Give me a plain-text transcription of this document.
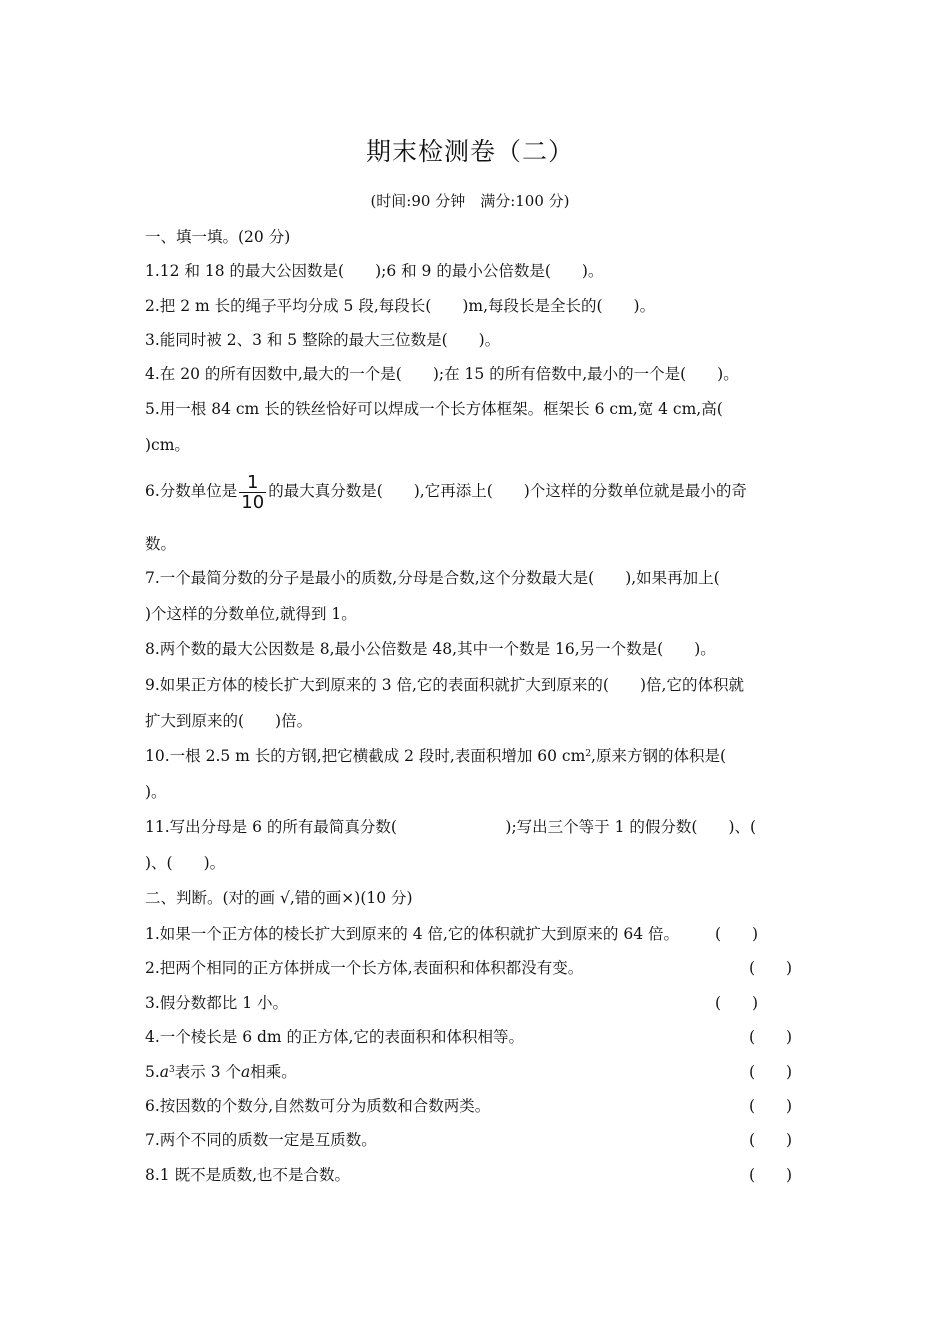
期末检测卷（二）
(时间:90 分钟　满分:100 分)
一、填一填。(20 分)
1.12 和 18 的最大公因数是(　　);6 和 9 的最小公倍数是(　　)。
2.把 2 m 长的绳子平均分成 5 段,每段长(　　)m,每段长是全长的(　　)。
3.能同时被 2、3 和 5 整除的最大三位数是(　　)。
4.在 20 的所有因数中,最大的一个是(　　);在 15 的所有倍数中,最小的一个是(　　)。
5.用一根 84 cm 长的铁丝恰好可以焊成一个长方体框架。框架长 6 cm,宽 4 cm,高(
)cm。
6.分数单位是 $\frac{1}{10}$ 的最大真分数是(　　),它再添上(　　)个这样的分数单位就是最小的奇
数。
7.一个最简分数的分子是最小的质数,分母是合数,这个分数最大是(　　),如果再加上(
)个这样的分数单位,就得到 1。
8.两个数的最大公因数是 8,最小公倍数是 48,其中一个数是 16,另一个数是(　　)。
9.如果正方体的棱长扩大到原来的 3 倍,它的表面积就扩大到原来的(　　)倍,它的体积就
扩大到原来的(　　)倍。
10.一根 2.5 m 长的方钢,把它横截成 2 段时,表面积增加 60 $cm^2$,原来方钢的体积是(
)。
11.写出分母是 6 的所有最简真分数(　　　　　　　);写出三个等于 1 的假分数(　　)、(
)、(　　)。
二、判断。(对的画 √,错的画×)(10 分)
1.如果一个正方体的棱长扩大到原来的 4 倍,它的体积就扩大到原来的 64 倍。 (　　)
2.把两个相同的正方体拼成一个长方体,表面积和体积都没有变。	(　　)
3.假分数都比 1 小。	(　　)
4.一个棱长是 6 dm 的正方体,它的表面积和体积相等。	(　　)
$5.a^3$表示 3 个a相乘。	(　　)
6.按因数的个数分,自然数可分为质数和合数两类。	(　　)
7.两个不同的质数一定是互质数。	(　　)
8.1 既不是质数,也不是合数。	(　　)
